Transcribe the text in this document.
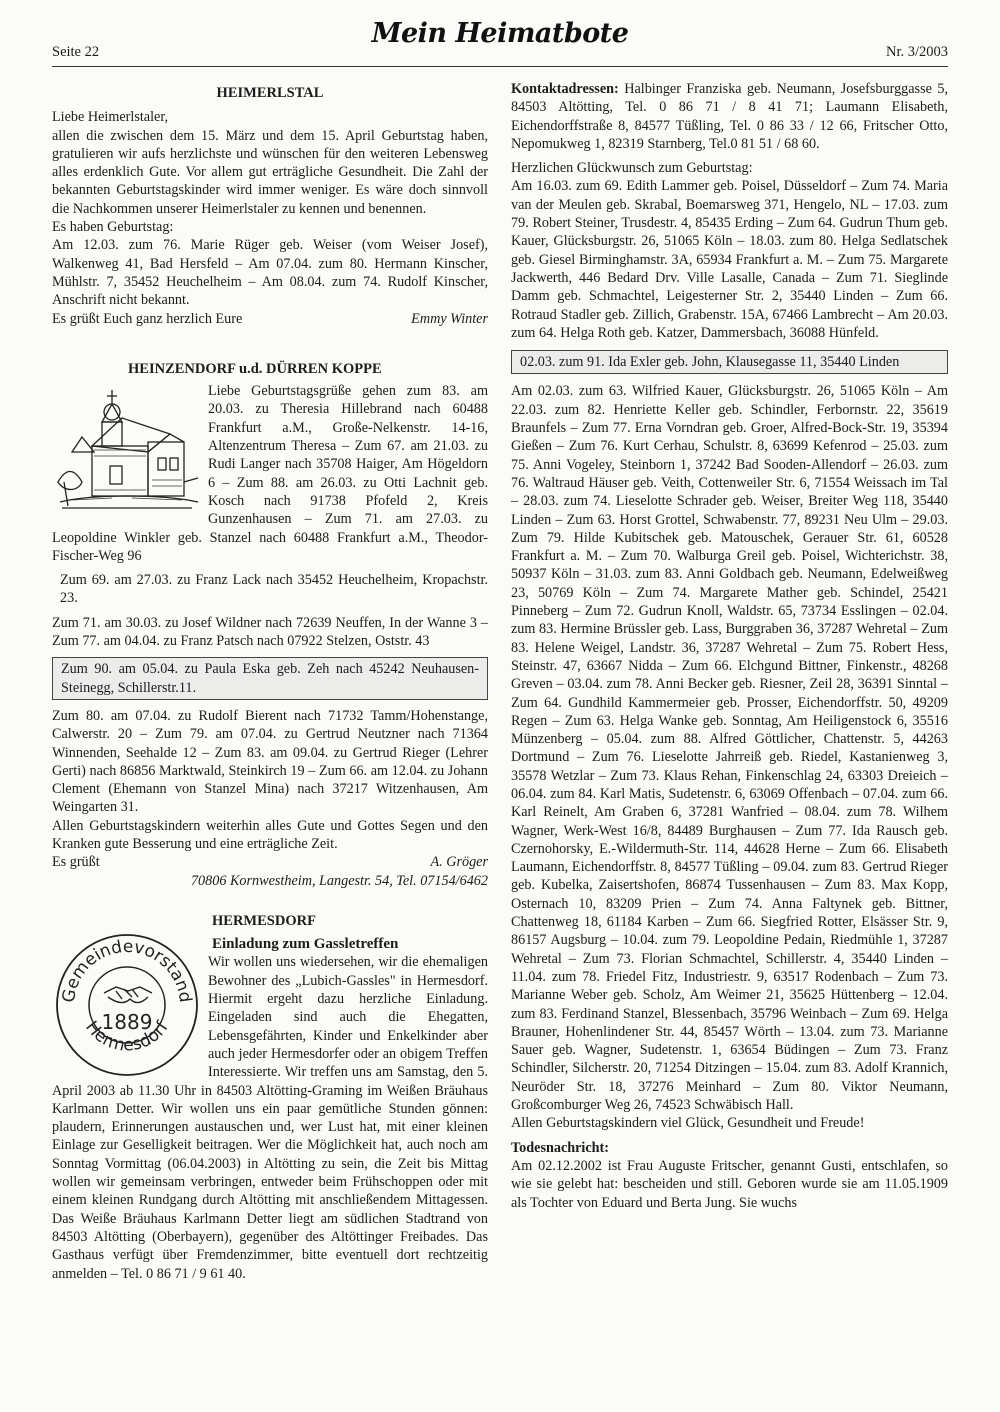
Seite 22
Mein Heimatbote
Nr. 3/2003
HEIMERLSTAL

Liebe Heimerlstaler,

allen die zwischen dem 15. März und dem 15. April Geburtstag haben, gratulieren wir aufs herzlichste und wünschen für den weiteren Lebensweg alles erdenklich Gute. Vor allem gut erträgliche Gesundheit. Die Zahl der bekannten Geburtstagskinder wird immer weniger. Es wäre doch sinnvoll die Nachkommen unserer Heimerlstaler zu kennen und benennen.

Es haben Geburtstag:

Am 12.03. zum 76. Marie Rüger geb. Weiser (vom Weiser Josef), Walkenweg 41, Bad Hersfeld – Am 07.04. zum 80. Hermann Kinscher, Mühlstr. 7, 35452 Heuchelheim – Am 08.04. zum 74. Rudolf Kinscher, Anschrift nicht bekannt.

Es grüßt Euch ganz herzlich Eure	Emmy Winter
HEINZENDORF u.d. DÜRREN KOPPE

Liebe Geburtstagsgrüße gehen zum 83. am 20.03. zu Theresia Hillebrand nach 60488 Frankfurt a.M., Große-Nelkenstr. 14-16, Altenzentrum Theresa – Zum 67. am 21.03. zu Rudi Langer nach 35708 Haiger, Am Högeldorn 6 – Zum 88. am 26.03. zu Otti Lachnit geb. Kosch nach 91738 Pfofeld 2, Kreis Gunzenhausen – Zum 71. am 27.03. zu Leopoldine Winkler geb. Stanzel nach 60488 Frankfurt a.M., Theodor-Fischer-Weg 96

Zum 69. am 27.03. zu Franz Lack nach 35452 Heuchelheim, Kropachstr. 23.

Zum 71. am 30.03. zu Josef Wildner nach 72639 Neuffen, In der Wanne 3 – Zum 77. am 04.04. zu Franz Patsch nach 07922 Stelzen, Oststr. 43

Zum 90. am 05.04. zu Paula Eska geb. Zeh nach 45242 Neuhausen-Steinegg, Schillerstr.11.

Zum 80. am 07.04. zu Rudolf Bierent nach 71732 Tamm/Hohenstange, Calwerstr. 20 – Zum 79. am 07.04. zu Gertrud Neutzner nach 71364 Winnenden, Seehalde 12 – Zum 83. am 09.04. zu Gertrud Rieger (Lehrer Gerti) nach 86856 Marktwald, Steinkirch 19 – Zum 66. am 12.04. zu Johann Clement (Ehemann von Stanzel Mina) nach 37217 Witzenhausen, Am Weingarten 31.

Allen Geburtstagskindern weiterhin alles Gute und Gottes Segen und den Kranken gute Besserung und eine erträgliche Zeit.

Es grüßt	A. Gröger

70806 Kornwestheim, Langestr. 54, Tel. 07154/6462

HERMESDORF
Einladung zum Gassletreffen
Gemeindevorstand
Hermesdorf
1889

Wir wollen uns wiedersehen, wir die ehemaligen Bewohner des „Lubich-Gassles" in Hermesdorf. Hiermit ergeht dazu herzliche Einladung. Eingeladen sind auch die Ehegatten, Lebensgefährten, Kinder und Enkelkinder aber auch jeder Hermesdorfer oder an obigem Treffen Interessierte. Wir treffen uns am Samstag, den 5. April 2003 ab 11.30 Uhr in 84503 Altötting-Graming im Weißen Bräuhaus Karlmann Detter. Wir wollen uns ein paar gemütliche Stunden gönnen: plaudern, Erinnerungen austauschen und, wer Lust hat, mit einer kleinen Einlage zur Geselligkeit beitragen. Wer die Möglichkeit hat, auch noch am Sonntag Vormittag (06.04.2003) in Altötting zu sein, die Zeit bis Mittag wollen wir gemeinsam verbringen, entweder beim Frühschoppen oder mit einem kleinen Rundgang durch Altötting mit anschließendem Mittagessen. Das Weiße Bräuhaus Karlmann Detter liegt am südlichen Stadtrand von 84503 Altötting (Oberbayern), gegenüber des Altöttinger Freibades. Das Gasthaus verfügt über Fremdenzimmer, bitte eventuell dort rechtzeitig anmelden – Tel. 0 86 71 / 9 61 40.

Kontaktadressen: Halbinger Franziska geb. Neumann, Josefsburggasse 5, 84503 Altötting, Tel. 0 86 71 / 8 41 71; Laumann Elisabeth, Eichendorffstraße 8, 84577 Tüßling, Tel. 0 86 33 / 12 66, Fritscher Otto, Nepomukweg 1, 82319 Starnberg, Tel.0 81 51 / 68 60.

Herzlichen Glückwunsch zum Geburtstag:

Am 16.03. zum 69. Edith Lammer geb. Poisel, Düsseldorf – Zum 74. Maria van der Meulen geb. Skrabal, Boemarsweg 371, Hengelo, NL – 17.03. zum 79. Robert Steiner, Trusdestr. 4, 85435 Erding – Zum 64. Gudrun Thum geb. Kauer, Glücksburgstr. 26, 51065 Köln – 18.03. zum 80. Helga Sedlatschek geb. Giesel Birminghamstr. 3A, 65934 Frankfurt a. M. – Zum 75. Margarete Jackwerth, 446 Bedard Drv. Ville Lasalle, Canada – Zum 71. Sieglinde Damm geb. Schmachtel, Leigesterner Str. 2, 35440 Linden – Zum 66. Rotraud Stadler geb. Zillich, Grabenstr. 15A, 67466 Lambrecht – Am 20.03. zum 64. Helga Roth geb. Katzer, Dammersbach, 36088 Hünfeld.

02.03. zum 91. Ida Exler geb. John, Klausegasse 11, 35440 Linden

Am 02.03. zum 63. Wilfried Kauer, Glücksburgstr. 26, 51065 Köln – Am 22.03. zum 82. Henriette Keller geb. Schindler, Ferbornstr. 22, 35619 Braunfels – Zum 77. Erna Vorndran geb. Groer, Alfred-Bock-Str. 19, 35394 Gießen – Zum 76. Kurt Cerhau, Schulstr. 8, 63699 Kefenrod – 25.03. zum 75. Anni Vogeley, Steinborn 1, 37242 Bad Sooden-Allendorf – 26.03. zum 76. Waltraud Häuser geb. Veith, Cottenweiler Str. 6, 71554 Weissach im Tal – 28.03. zum 74. Lieselotte Schrader geb. Weiser, Breiter Weg 118, 35440 Linden – Zum 63. Horst Grottel, Schwabenstr. 77, 89231 Neu Ulm – 29.03. Zum 79. Hilde Kubitschek geb. Matouschek, Gerauer Str. 61, 60528 Frankfurt a. M. – Zum 70. Walburga Greil geb. Poisel, Wichterichstr. 38, 50937 Köln – 31.03. zum 83. Anni Goldbach geb. Neumann, Edelweißweg 23, 50769 Köln – Zum 74. Margarete Mather geb. Schindel, 25421 Pinneberg – Zum 72. Gudrun Knoll, Waldstr. 65, 73734 Esslingen – 02.04. zum 83. Hermine Brüssler geb. Lass, Burggraben 36, 37287 Wehretal – Zum 83. Helene Weigel, Landstr. 36, 37287 Wehretal – Zum 75. Robert Hess, Steinstr. 47, 63667 Nidda – Zum 66. Elchgund Bittner, Finkenstr., 48268 Greven – 03.04. zum 78. Anni Becker geb. Riesner, Zeil 28, 36391 Sinntal – Zum 64. Gundhild Kammermeier geb. Prosser, Eichendorffstr. 50, 49209 Regen – Zum 63. Helga Wanke geb. Sonntag, Am Heiligenstock 6, 35516 Münzenberg – 05.04. zum 88. Alfred Göttlicher, Chattenstr. 5, 44263 Dortmund – Zum 76. Lieselotte Jahrreiß geb. Riedel, Kastanienweg 3, 35578 Wetzlar – Zum 73. Klaus Rehan, Finkenschlag 24, 63303 Dreieich – 06.04. zum 84. Karl Matis, Sudetenstr. 6, 63069 Offenbach – 07.04. zum 66. Karl Reinelt, Am Graben 6, 37281 Wanfried – 08.04. zum 78. Wilhem Wagner, Werk-West 16/8, 84489 Burghausen – Zum 77. Ida Rausch geb. Czernohorsky, E.-Wildermuth-Str. 114, 44628 Herne – Zum 66. Elisabeth Laumann, Eichendorffstr. 8, 84577 Tüßling – 09.04. zum 83. Gertrud Rieger geb. Kubelka, Zaisertshofen, 86874 Tussenhausen – Zum 83. Max Kopp, Osternach 10, 83209 Prien – Zum 74. Anna Faltynek geb. Bittner, Chattenweg 18, 61184 Karben – Zum 66. Siegfried Rotter, Elsässer Str. 9, 86157 Augsburg – 10.04. zum 79. Leopoldine Pedain, Riedmühle 1, 37287 Wehretal – Zum 73. Florian Schmachtel, Schillerstr. 4, 35440 Linden – 11.04. zum 78. Friedel Fitz, Industriestr. 9, 63517 Rodenbach – Zum 73. Marianne Weber geb. Scholz, Am Weimer 21, 35625 Hüttenberg – 12.04. zum 83. Ferdinand Stanzel, Blessenbach, 35796 Weinbach – Zum 69. Helga Brauner, Hohenlindener Str. 44, 85457 Wörth – 13.04. zum 73. Marianne Sauer geb. Wagner, Sudetenstr. 1, 63654 Büdingen – Zum 73. Franz Schindler, Silcherstr. 20, 71254 Ditzingen – 15.04. zum 83. Adolf Krannich, Neuröder Str. 18, 37276 Meinhard – Zum 80. Viktor Neumann, Großcomburger Weg 26, 74523 Schwäbisch Hall.

Allen Geburtstagskindern viel Glück, Gesundheit und Freude!

Todesnachricht:

Am 02.12.2002 ist Frau Auguste Fritscher, genannt Gusti, entschlafen, so wie sie gelebt hat: bescheiden und still. Geboren wurde sie am 11.05.1909 als Tochter von Eduard und Berta Jung. Sie wuchs
